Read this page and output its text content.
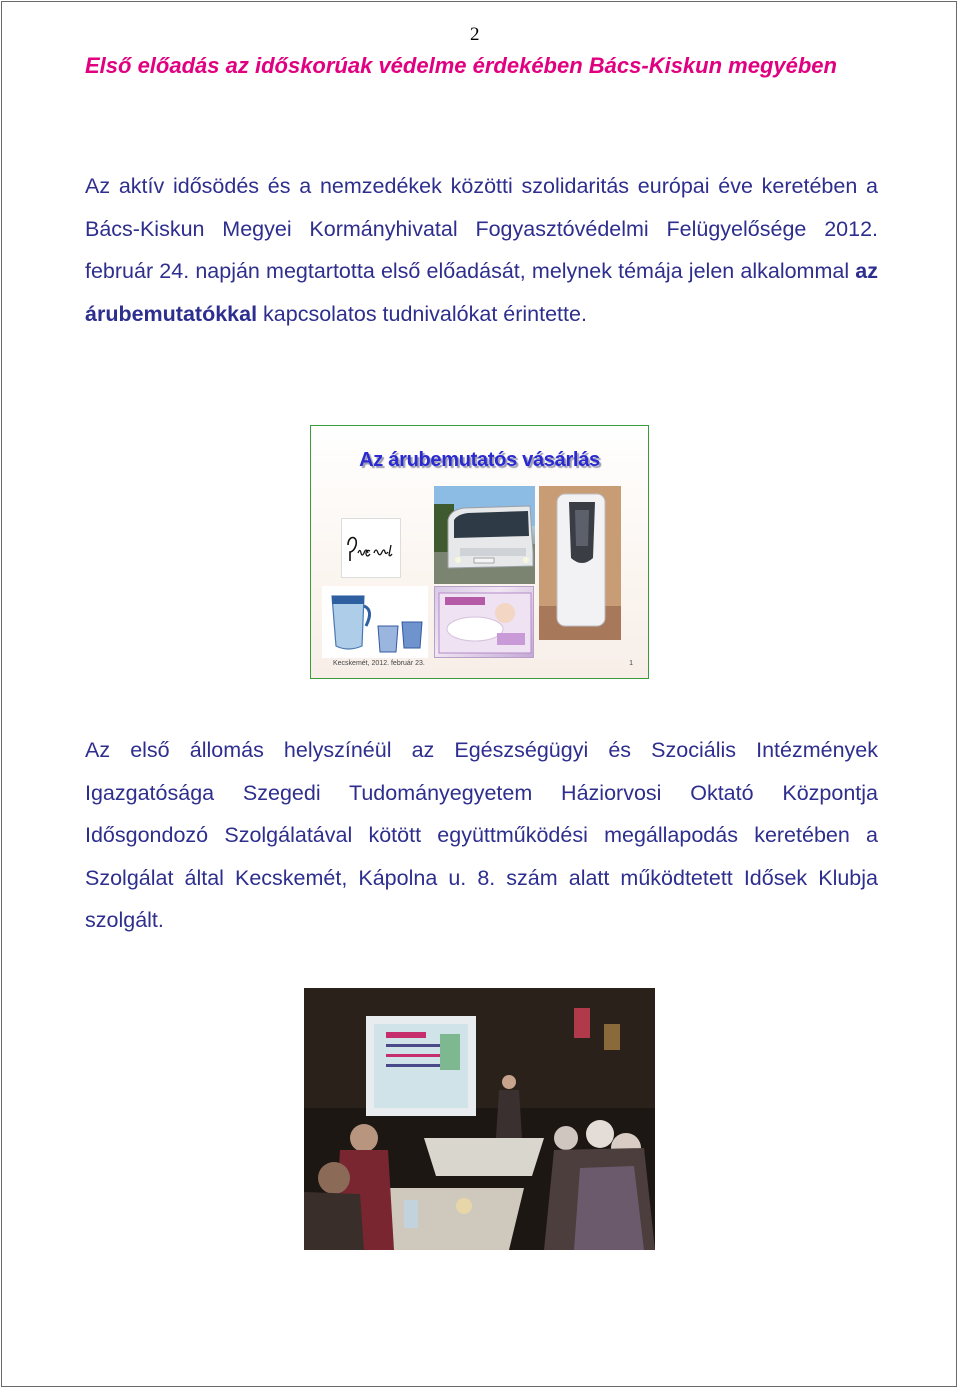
2
Első előadás az időskorúak védelme érdekében Bács-Kiskun megyében

Az aktív idősödés és a nemzedékek közötti szolidaritás európai éve keretében a Bács-Kiskun Megyei Kormányhivatal Fogyasztóvédelmi Felügyelősége 2012. február 24. napján megtartotta első előadását, melynek témája jelen alkalommal az árubemutatókkal kapcsolatos tudnivalókat érintette.

Az árubemutatós vásárlás
Kecskemét, 2012. február 23.	1

Az első állomás helyszínéül az Egészségügyi és Szociális Intézmények Igazgatósága Szegedi Tudományegyetem Háziorvosi Oktató Központja Idősgondozó Szolgálatával kötött együttműködési megállapodás keretében a Szolgálat által Kecskemét, Kápolna u. 8. szám alatt működtetett Idősek Klubja szolgált.
